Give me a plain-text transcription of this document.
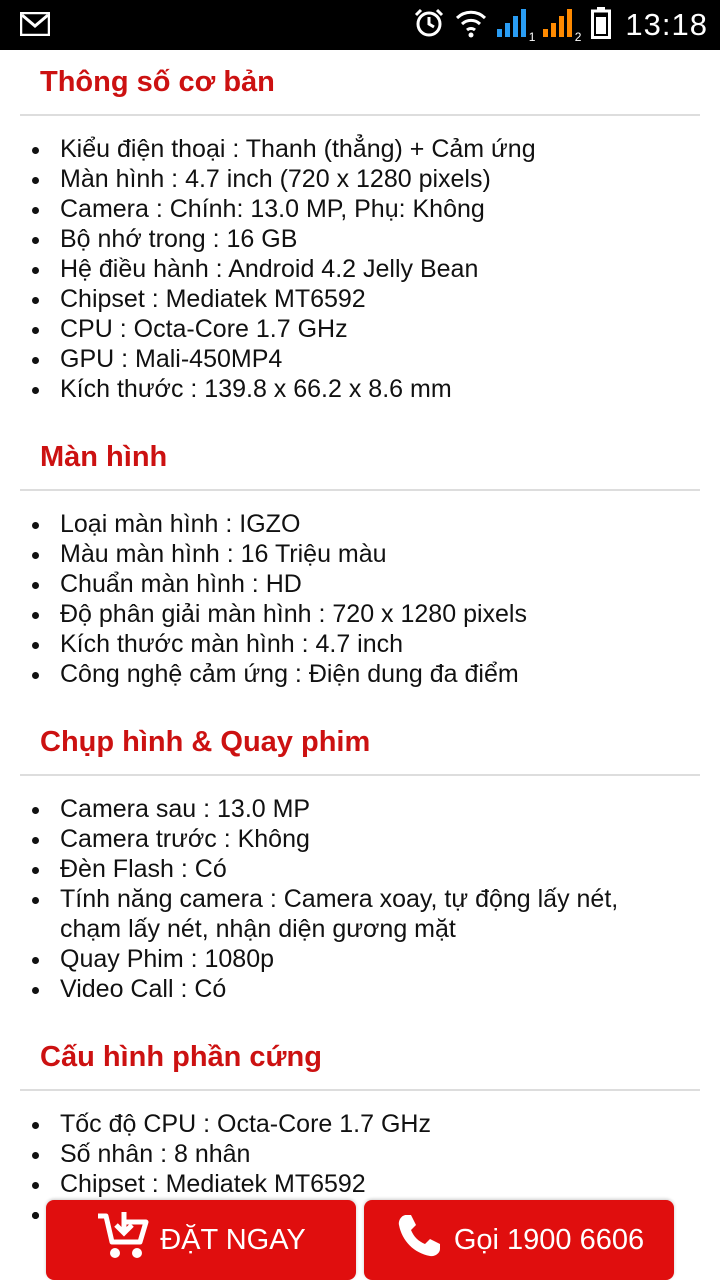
1	2 13:18
Thông số cơ bản
Kiểu điện thoại : Thanh (thẳng) + Cảm ứng
Màn hình : 4.7 inch (720 x 1280 pixels)
Camera : Chính: 13.0 MP, Phụ: Không
Bộ nhớ trong : 16 GB
Hệ điều hành : Android 4.2 Jelly Bean
Chipset : Mediatek MT6592
CPU : Octa-Core 1.7 GHz
GPU : Mali-450MP4
Kích thước : 139.8 x 66.2 x 8.6 mm
Màn hình
Loại màn hình : IGZO
Màu màn hình : 16 Triệu màu
Chuẩn màn hình : HD
Độ phân giải màn hình : 720 x 1280 pixels
Kích thước màn hình : 4.7 inch
Công nghệ cảm ứng : Điện dung đa điểm
Chụp hình & Quay phim
Camera sau : 13.0 MP
Camera trước : Không
Đèn Flash : Có
Tính năng camera : Camera xoay, tự động lấy nét, chạm lấy nét, nhận diện gương mặt
Quay Phim : 1080p
Video Call : Có
Cấu hình phần cứng
Tốc độ CPU : Octa-Core 1.7 GHz
Số nhân : 8 nhân
Chipset : Mediatek MT6592
ĐẶT NGAY	Gọi 1900 6606
